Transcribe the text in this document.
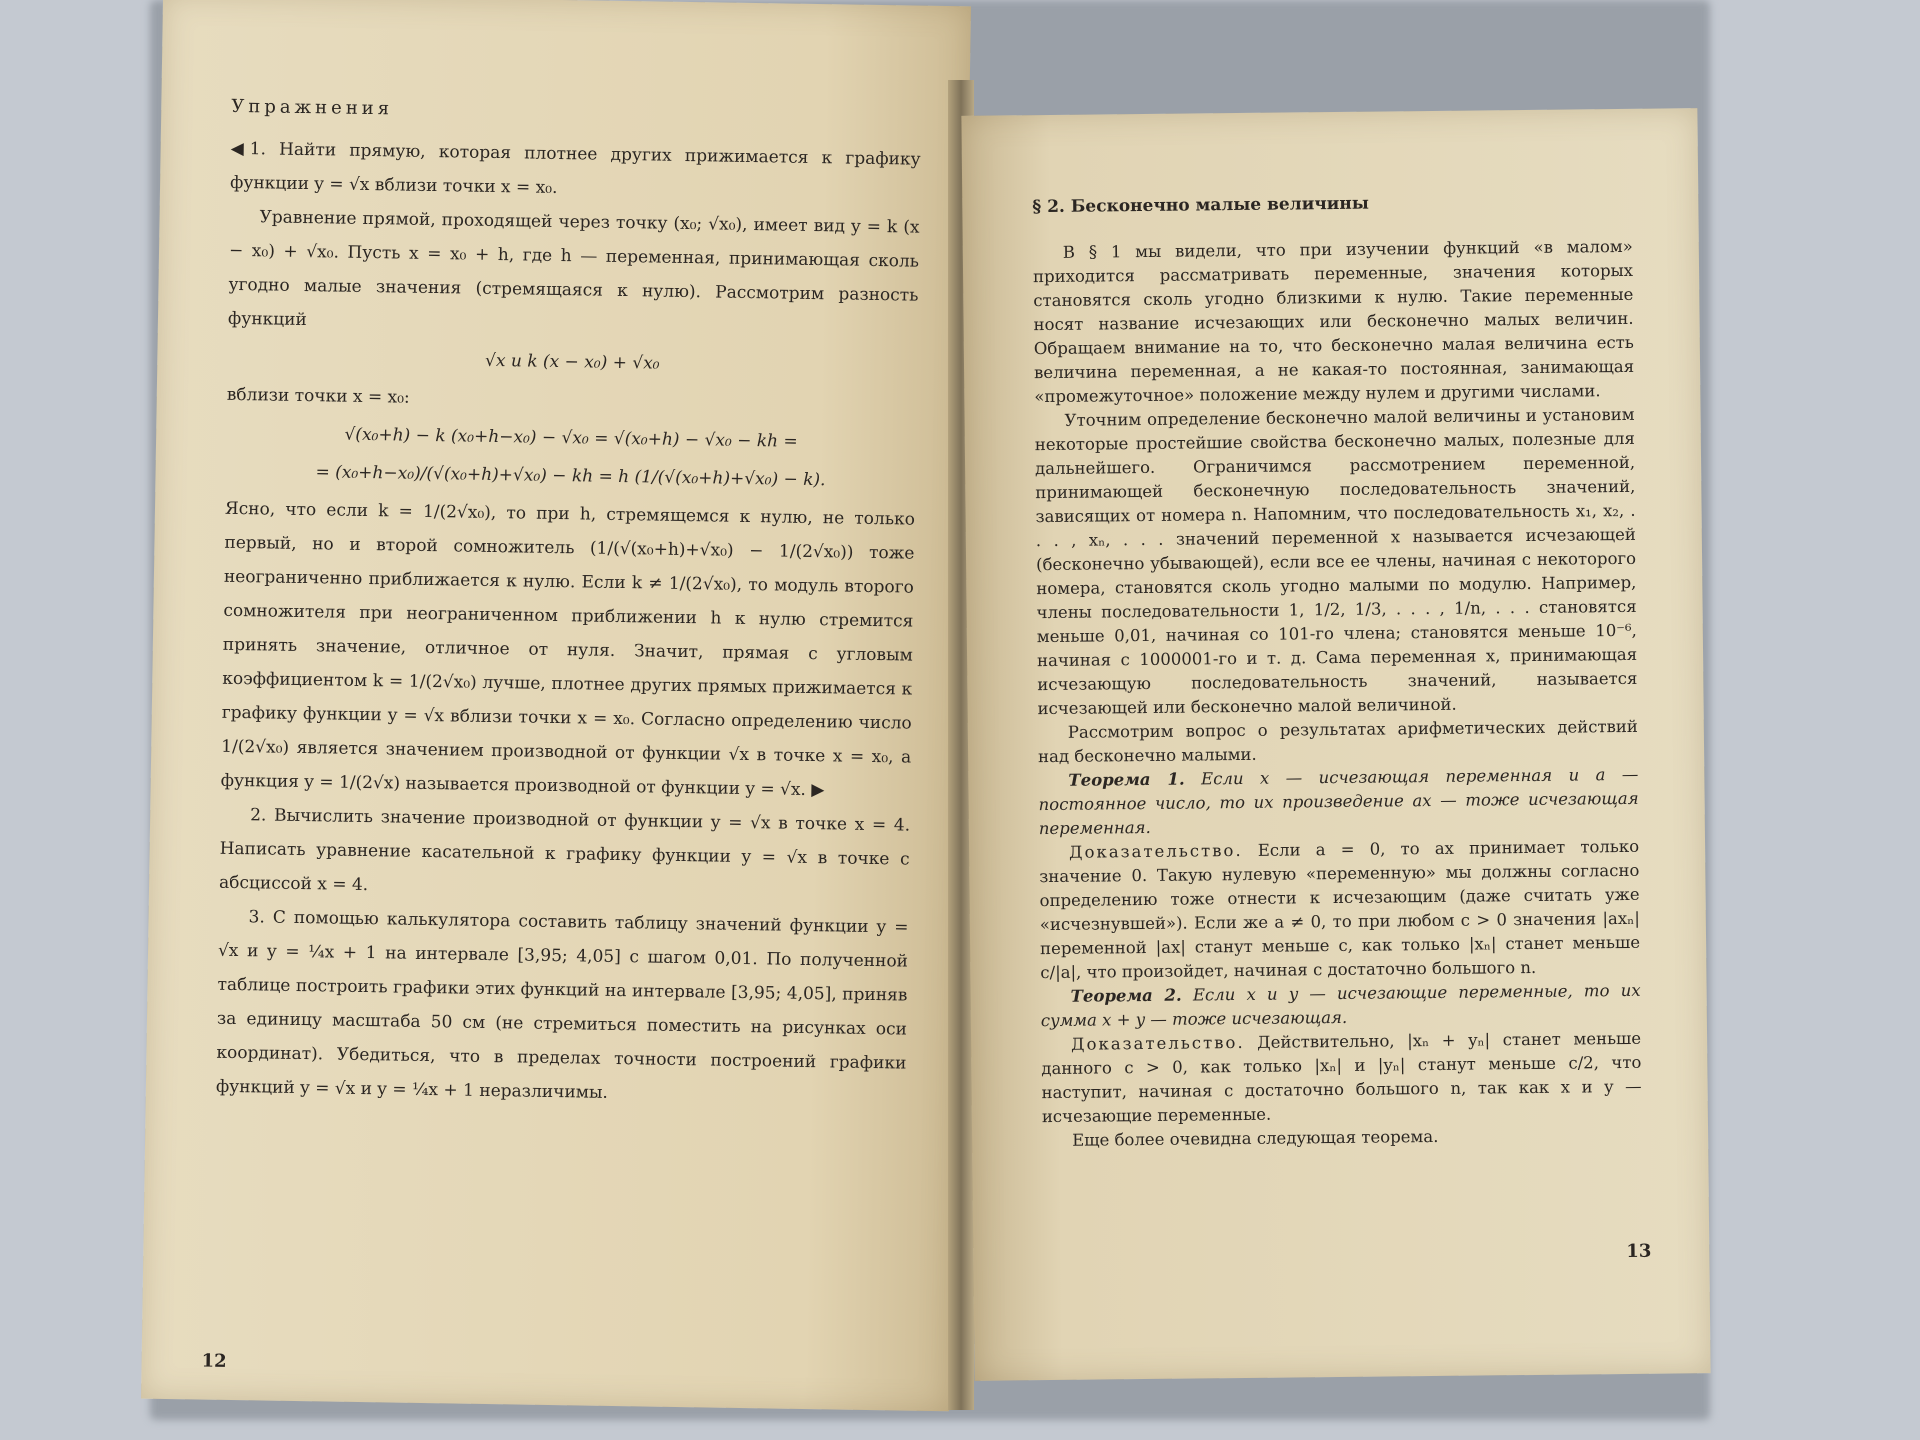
Упражнения

◀ 1. Найти прямую, которая плотнее других прижимается к графику функции y = √x вблизи точки x = x₀.

Уравнение прямой, проходящей через точку (x₀; √x₀), имеет вид y = k (x − x₀) + √x₀. Пусть x = x₀ + h, где h — переменная, принимающая сколь угодно малые значения (стремящаяся к нулю). Рассмотрим разность функций

√x и k (x − x₀) + √x₀

вблизи точки x = x₀:

√(x₀+h) − k (x₀+h−x₀) − √x₀ = √(x₀+h) − √x₀ − kh =

= (x₀+h−x₀)/(√(x₀+h)+√x₀) − kh = h (1/(√(x₀+h)+√x₀) − k).

Ясно, что если k = 1/(2√x₀), то при h, стремящемся к нулю, не только первый, но и второй сомножитель (1/(√(x₀+h)+√x₀) − 1/(2√x₀)) тоже неограниченно приближается к нулю. Если k ≠ 1/(2√x₀), то модуль второго сомножителя при неограниченном приближении h к нулю стремится принять значение, отличное от нуля. Значит, прямая с угловым коэффициентом k = 1/(2√x₀) лучше, плотнее других прямых прижимается к графику функции y = √x вблизи точки x = x₀. Согласно определению число 1/(2√x₀) является значением производной от функции √x в точке x = x₀, а функция y = 1/(2√x) называется производной от функции y = √x. ▶

2. Вычислить значение производной от функции y = √x в точке x = 4. Написать уравнение касательной к графику функции y = √x в точке с абсциссой x = 4.

3. С помощью калькулятора составить таблицу значений функции y = √x и y = ¼x + 1 на интервале [3,95; 4,05] с шагом 0,01. По полученной таблице построить графики этих функций на интервале [3,95; 4,05], приняв за единицу масштаба 50 см (не стремиться поместить на рисунках оси координат). Убедиться, что в пределах точности построений графики функций y = √x и y = ¼x + 1 неразличимы.

12

§ 2. Бесконечно малые величины

В § 1 мы видели, что при изучении функций «в малом» приходится рассматривать переменные, значения которых становятся сколь угодно близкими к нулю. Такие переменные носят название исчезающих или бесконечно малых величин. Обращаем внимание на то, что бесконечно малая величина есть величина переменная, а не какая-то постоянная, занимающая «промежуточное» положение между нулем и другими числами.

Уточним определение бесконечно малой величины и установим некоторые простейшие свойства бесконечно малых, полезные для дальнейшего. Ограничимся рассмотрением переменной, принимающей бесконечную последовательность значений, зависящих от номера n. Напомним, что последовательность x₁, x₂, . . . , xₙ, . . . значений переменной x называется исчезающей (бесконечно убывающей), если все ее члены, начиная с некоторого номера, становятся сколь угодно малыми по модулю. Например, члены последовательности 1, 1/2, 1/3, . . . , 1/n, . . . становятся меньше 0,01, начиная со 101-го члена; становятся меньше 10⁻⁶, начиная с 1000001-го и т. д. Сама переменная x, принимающая исчезающую последовательность значений, называется исчезающей или бесконечно малой величиной.

Рассмотрим вопрос о результатах арифметических действий над бесконечно малыми.

Теорема 1. Если x — исчезающая переменная и a — постоянное число, то их произведение ax — тоже исчезающая переменная.

Доказательство. Если a = 0, то ax принимает только значение 0. Такую нулевую «переменную» мы должны согласно определению тоже отнести к исчезающим (даже считать уже «исчезнувшей»). Если же a ≠ 0, то при любом c > 0 значения |axₙ| переменной |ax| станут меньше c, как только |xₙ| станет меньше c/|a|, что произойдет, начиная с достаточно большого n.

Теорема 2. Если x и y — исчезающие переменные, то их сумма x + y — тоже исчезающая.

Доказательство. Действительно, |xₙ + yₙ| станет меньше данного c > 0, как только |xₙ| и |yₙ| станут меньше c/2, что наступит, начиная с достаточно большого n, так как x и y — исчезающие переменные.

Еще более очевидна следующая теорема.

13
